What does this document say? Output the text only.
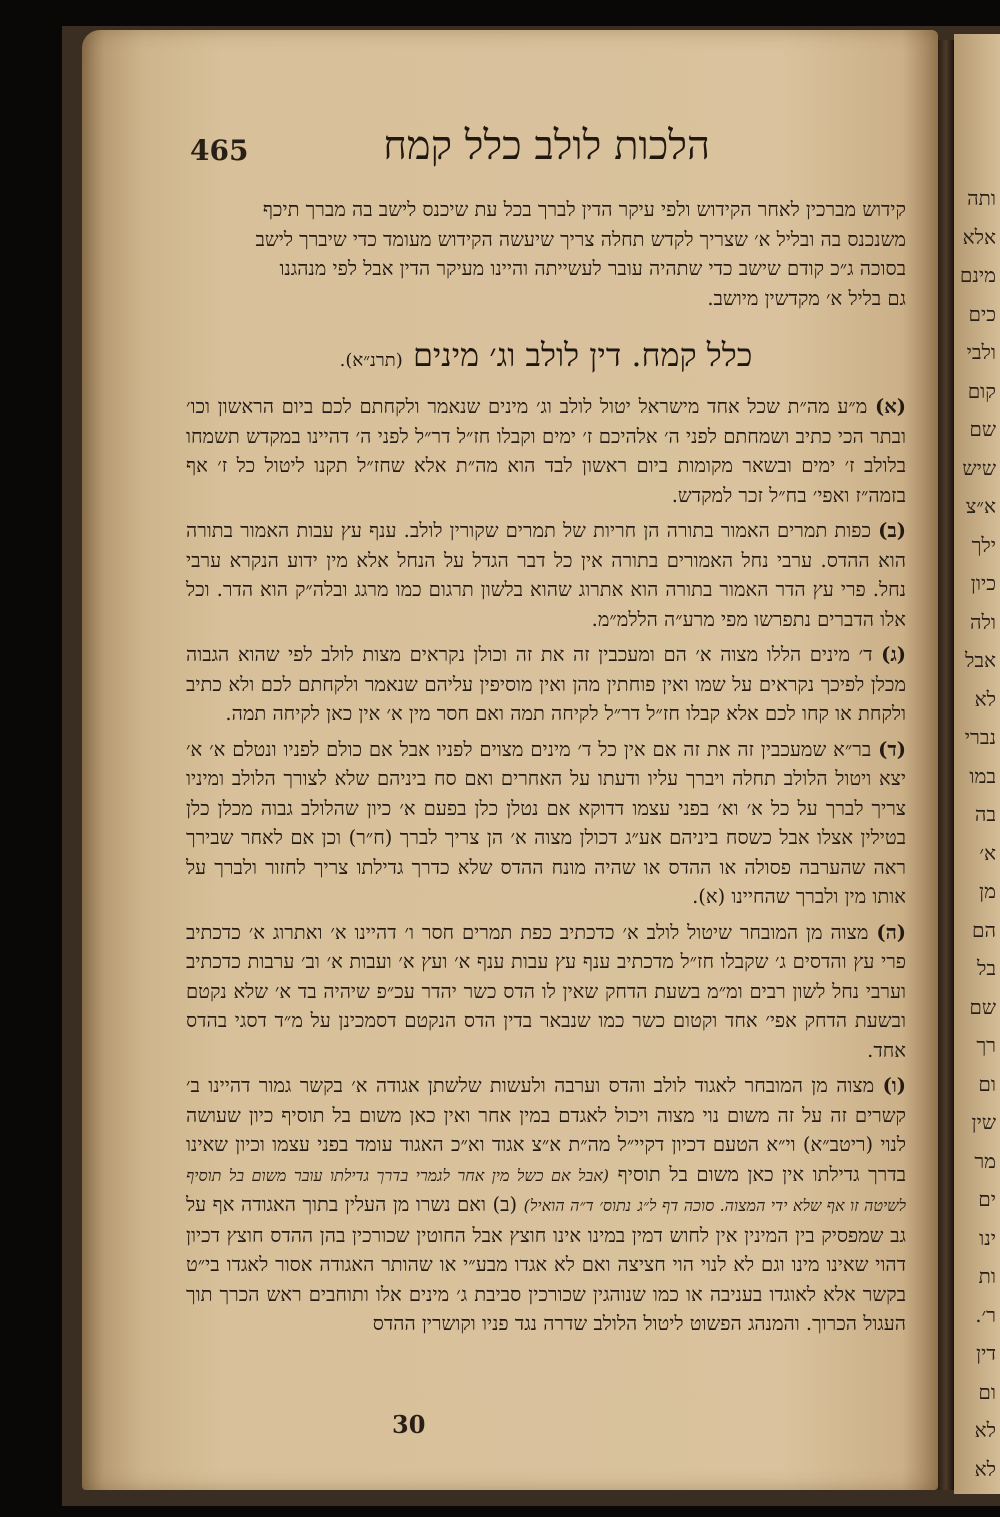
ותה
אלא
מינם
כים
ולבי
קום
שם
שיש
א״צ
ילך
כיון
ולה
אבל
לא
נברי
במו
בה
א׳
מן
הם
בל
שם
רך
ום
שין
מר
ים
ינו
ות
ר׳.
דין
ום
לא
לא
465	הלכות לולב כלל קמח
קידוש מברכין לאחר הקידוש ולפי עיקר הדין לברך בכל עת שיכנס לישב בה מברך תיכף
משנכנס בה ובליל א׳ שצריך לקדש תחלה צריך שיעשה הקידוש מעומד כדי שיברך לישב
בסוכה ג״כ קודם שישב כדי שתהיה עובר לעשייתה והיינו מעיקר הדין אבל לפי מנהגנו
גם בליל א׳ מקדשין מיושב.
כלל קמח. דין לולב וג׳ מינים (תרנ״א).

(א) מ״ע מה״ת שכל אחד מישראל יטול לולב וג׳ מינים שנאמר ולקחתם לכם ביום הראשון וכו׳ ובתר הכי כתיב ושמחתם לפני ה׳ אלהיכם ז׳ ימים וקבלו חז״ל דר״ל לפני ה׳ דהיינו במקדש תשמחו בלולב ז׳ ימים ובשאר מקומות ביום ראשון לבד הוא מה״ת אלא שחז״ל תקנו ליטול כל ז׳ אף בזמה״ז ואפי׳ בח״ל זכר למקדש.

(ב) כפות תמרים האמור בתורה הן חריות של תמרים שקורין לולב. ענף עץ עבות האמור בתורה הוא ההדס. ערבי נחל האמורים בתורה אין כל דבר הגדל על הנחל אלא מין ידוע הנקרא ערבי נחל. פרי עץ הדר האמור בתורה הוא אתרוג שהוא בלשון תרגום כמו מרגג ובלה״ק הוא הדר. וכל אלו הדברים נתפרשו מפי מרע״ה הללמ״מ.

(ג) ד׳ מינים הללו מצוה א׳ הם ומעכבין זה את זה וכולן נקראים מצות לולב לפי שהוא הגבוה מכלן לפיכך נקראים על שמו ואין פוחתין מהן ואין מוסיפין עליהם שנאמר ולקחתם לכם ולא כתיב ולקחת או קחו לכם אלא קבלו חז״ל דר״ל לקיחה תמה ואם חסר מין א׳ אין כאן לקיחה תמה.

(ד) בר״א שמעכבין זה את זה אם אין כל ד׳ מינים מצוים לפניו אבל אם כולם לפניו ונטלם א׳ א׳ יצא ויטול הלולב תחלה ויברך עליו ודעתו על האחרים ואם סח ביניהם שלא לצורך הלולב ומיניו צריך לברך על כל א׳ וא׳ בפני עצמו דדוקא אם נטלן כלן בפעם א׳ כיון שהלולב גבוה מכלן כלן בטילין אצלו אבל כשסח ביניהם אע״ג דכולן מצוה א׳ הן צריך לברך (ח״ר) וכן אם לאחר שבירך ראה שהערבה פסולה או ההדס או שהיה מונח ההדס שלא כדרך גדילתו צריך לחזור ולברך על אותו מין ולברך שהחיינו (א).

(ה) מצוה מן המובחר שיטול לולב א׳ כדכתיב כפת תמרים חסר ו׳ דהיינו א׳ ואתרוג א׳ כדכתיב פרי עץ והדסים ג׳ שקבלו חז״ל מדכתיב ענף עץ עבות ענף א׳ ועץ א׳ ועבות א׳ וב׳ ערבות כדכתיב וערבי נחל לשון רבים ומ״מ בשעת הדחק שאין לו הדס כשר יהדר עכ״פ שיהיה בד א׳ שלא נקטם ובשעת הדחק אפי׳ אחד וקטום כשר כמו שנבאר בדין הדס הנקטם דסמכינן על מ״ד דסגי בהדס אחד.

(ו) מצוה מן המובחר לאגוד לולב והדס וערבה ולעשות שלשתן אגודה א׳ בקשר גמור דהיינו ב׳ קשרים זה על זה משום נוי מצוה ויכול לאגדם במין אחר ואין כאן משום בל תוסיף כיון שעושה לנוי (ריטב״א) וי״א הטעם דכיון דקיי״ל מה״ת א״צ אגוד וא״כ האגוד עומד בפני עצמו וכיון שאינו בדרך גדילתו אין כאן משום בל תוסיף (אבל אם כשל מין אחר לגמרי בדרך גדילתו עובר משום בל תוסיף לשיטה זו אף שלא ידי המצוה. סוכה דף ל״ג נתוס׳ ד״ה הואיל) (ב) ואם נשרו מן העלין בתוך האגודה אף על גב שמפסיק בין המינין אין לחוש דמין במינו אינו חוצץ אבל החוטין שכורכין בהן ההדס חוצץ דכיון דהוי שאינו מינו וגם לא לנוי הוי חציצה ואם לא אגדו מבע״י או שהותר האגודה אסור לאגדו בי״ט בקשר אלא לאוגדו בעניבה או כמו שנוהגין שכורכין סביבת ג׳ מינים אלו ותוחבים ראש הכרך תוך העגול הכרוך. והמנהג הפשוט ליטול הלולב שדרה נגד פניו וקושרין ההדס

30
